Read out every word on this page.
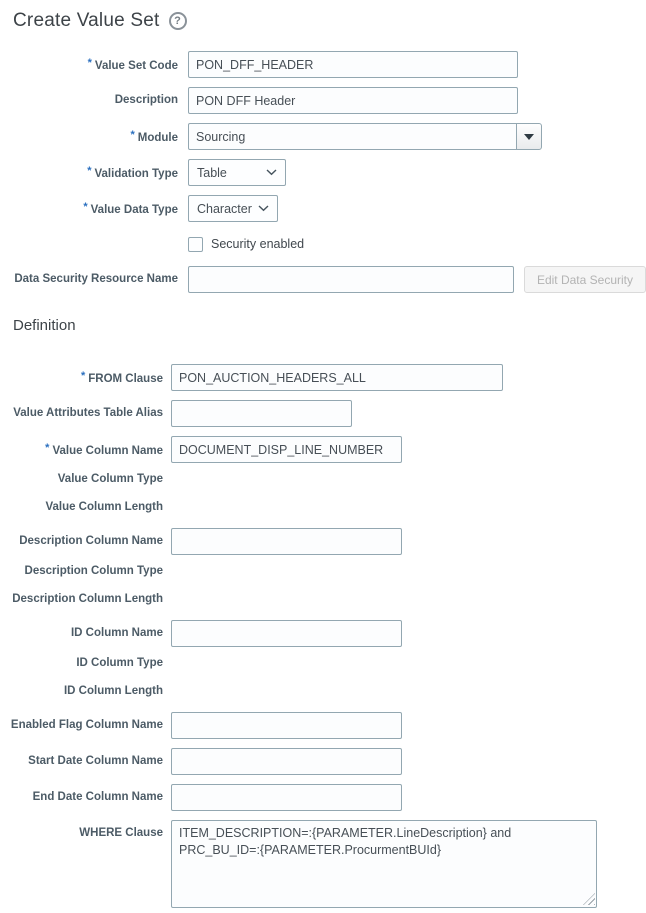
Create Value Set	?
* Value Set Code
PON_DFF_HEADER
Description
PON DFF Header
* Module
Sourcing
* Validation Type Table
* Value Data Type Character
Security enabled
Data Security Resource Name	Edit Data Security
Definition
* FROM Clause
PON_AUCTION_HEADERS_ALL
Value Attributes Table Alias
* Value Column Name
DOCUMENT_DISP_LINE_NUMBER
Value Column Type
Value Column Length
Description Column Name
Description Column Type
Description Column Length
ID Column Name
ID Column Type
ID Column Length
Enabled Flag Column Name
Start Date Column Name
End Date Column Name
WHERE Clause
ITEM_DESCRIPTION=:{PARAMETER.LineDescription} and PRC_BU_ID=:{PARAMETER.ProcurmentBUId}
